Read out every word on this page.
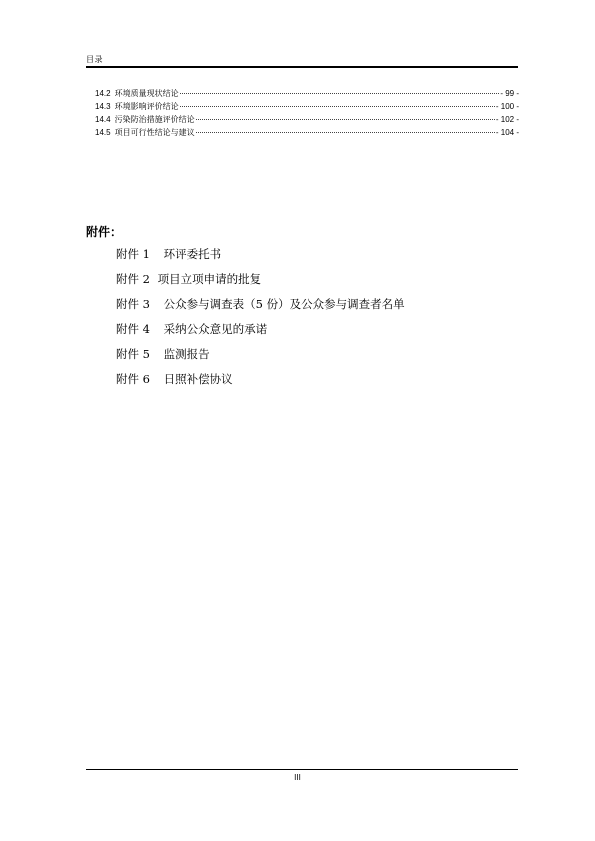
目录
14.2 环境质量现状结论	- 99 -
14.3 环境影响评价结论	- 100 -
14.4 污染防治措施评价结论	- 102 -
14.5 项目可行性结论与建议	- 104 -
附件：
附件 1 环评委托书
附件 2 项目立项申请的批复
附件 3 公众参与调查表（5 份）及公众参与调查者名单
附件 4 采纳公众意见的承诺
附件 5 监测报告
附件 6 日照补偿协议
III
